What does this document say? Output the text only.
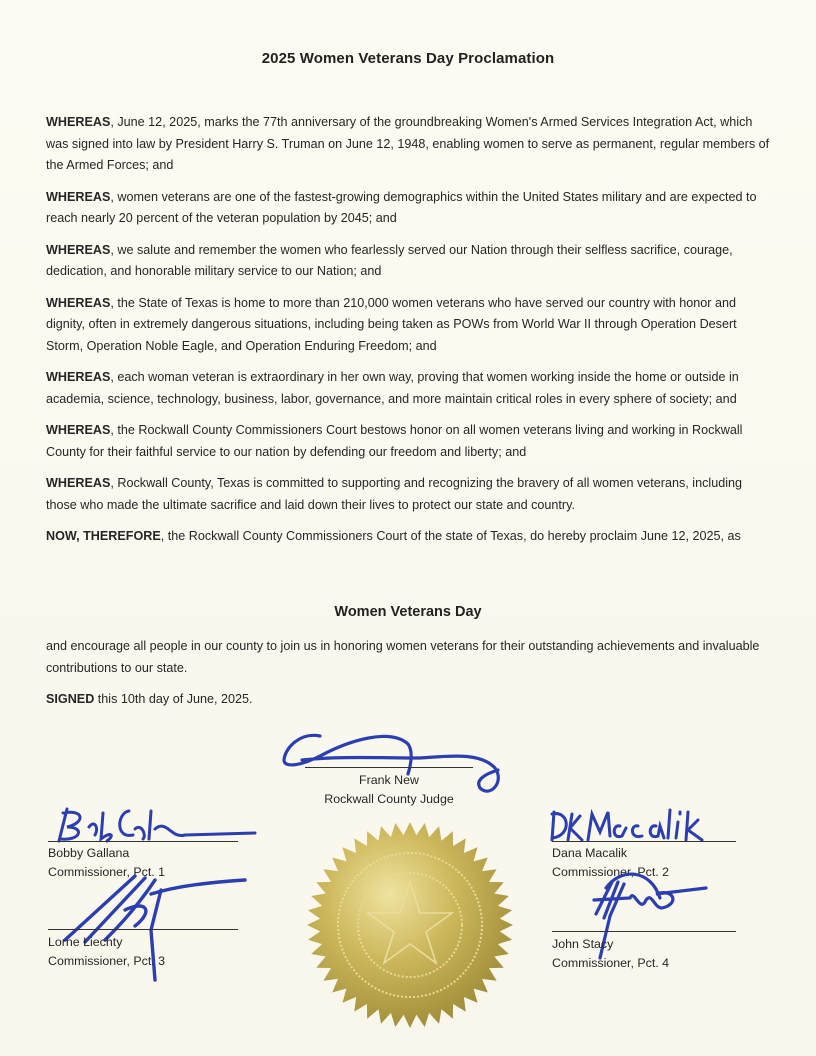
2025 Women Veterans Day Proclamation

WHEREAS, June 12, 2025, marks the 77th anniversary of the groundbreaking Women's Armed Services Integration Act, which was signed into law by President Harry S. Truman on June 12, 1948, enabling women to serve as permanent, regular members of the Armed Forces; and

WHEREAS, women veterans are one of the fastest-growing demographics within the United States military and are expected to reach nearly 20 percent of the veteran population by 2045; and

WHEREAS, we salute and remember the women who fearlessly served our Nation through their selfless sacrifice, courage, dedication, and honorable military service to our Nation; and

WHEREAS, the State of Texas is home to more than 210,000 women veterans who have served our country with honor and dignity, often in extremely dangerous situations, including being taken as POWs from World War II through Operation Desert Storm, Operation Noble Eagle, and Operation Enduring Freedom; and

WHEREAS, each woman veteran is extraordinary in her own way, proving that women working inside the home or outside in academia, science, technology, business, labor, governance, and more maintain critical roles in every sphere of society; and

WHEREAS, the Rockwall County Commissioners Court bestows honor on all women veterans living and working in Rockwall County for their faithful service to our nation by defending our freedom and liberty; and

WHEREAS, Rockwall County, Texas is committed to supporting and recognizing the bravery of all women veterans, including those who made the ultimate sacrifice and laid down their lives to protect our state and country.

NOW, THEREFORE, the Rockwall County Commissioners Court of the state of Texas, do hereby proclaim June 12, 2025, as

Women Veterans Day

and encourage all people in our county to join us in honoring women veterans for their outstanding achievements and invaluable contributions to our state.

SIGNED this 10th day of June, 2025.

Frank New
Rockwall County Judge
Bobby Gallana
Commissioner, Pct. 1
Lorne Liechty
Commissioner, Pct. 3
Dana Macalik
Commissioner, Pct. 2
John Stacy
Commissioner, Pct. 4
